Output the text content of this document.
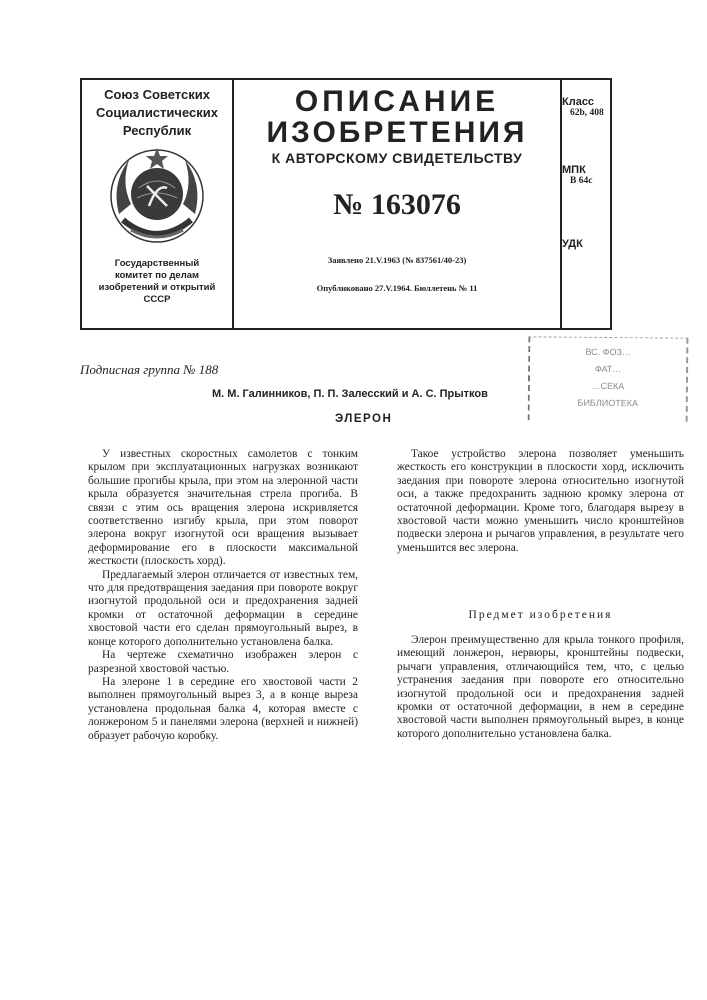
Союз Советских
Социалистических
Республик
Государственный
комитет по делам
изобретений и открытий
СССР
ОПИСАНИЕ
ИЗОБРЕТЕНИЯ
К АВТОРСКОМУ СВИДЕТЕЛЬСТВУ
№ 163076
Заявлено 21.V.1963 (№ 837561/40-23)
Опубликовано 27.V.1964. Бюллетень № 11
Класс
62b, 408
МПК
B 64c
УДК
Подписная группа № 188
М. М. Галинников, П. П. Залесский и А. С. Прытков
ВС. ФОЗ…
ФАТ…
…СЕКА
БИБЛИОТЕКА
ЭЛЕРОН

У известных скоростных самолетов с тонким крылом при эксплуатационных нагрузках возникают большие прогибы крыла, при этом на элеронной части крыла образуется значительная стрела прогиба. В связи с этим ось вращения элерона искривляется соответственно изгибу крыла, при этом поворот элерона вокруг изогнутой оси вращения вызывает деформирование его в плоскости максимальной жесткости (плоскость хорд).

Предлагаемый элерон отличается от известных тем, что для предотвращения заедания при повороте вокруг изогнутой продольной оси и предохранения задней кромки от остаточной деформации в середине хвостовой части его сделан прямоугольный вырез, в конце которого дополнительно установлена балка.

На чертеже схематично изображен элерон с разрезной хвостовой частью.

На элероне 1 в середине его хвостовой части 2 выполнен прямоугольный вырез 3, а в конце выреза установлена продольная балка 4, которая вместе с лонжероном 5 и панелями элерона (верхней и нижней) образует рабочую коробку.

Такое устройство элерона позволяет уменьшить жесткость его конструкции в плоскости хорд, исключить заедания при повороте элерона относительно изогнутой оси, а также предохранить заднюю кромку элерона от остаточной деформации. Кроме того, благодаря вырезу в хвостовой части можно уменьшить число кронштейнов подвески элерона и рычагов управления, в результате чего уменьшится вес элерона.

Предмет изобретения

Элерон преимущественно для крыла тонкого профиля, имеющий лонжерон, нервюры, кронштейны подвески, рычаги управления, отличающийся тем, что, с целью устранения заедания при повороте его относительно изогнутой продольной оси и предохранения задней кромки от остаточной деформации, в нем в середине хвостовой части выполнен прямоугольный вырез, в конце которого дополнительно установлена балка.
